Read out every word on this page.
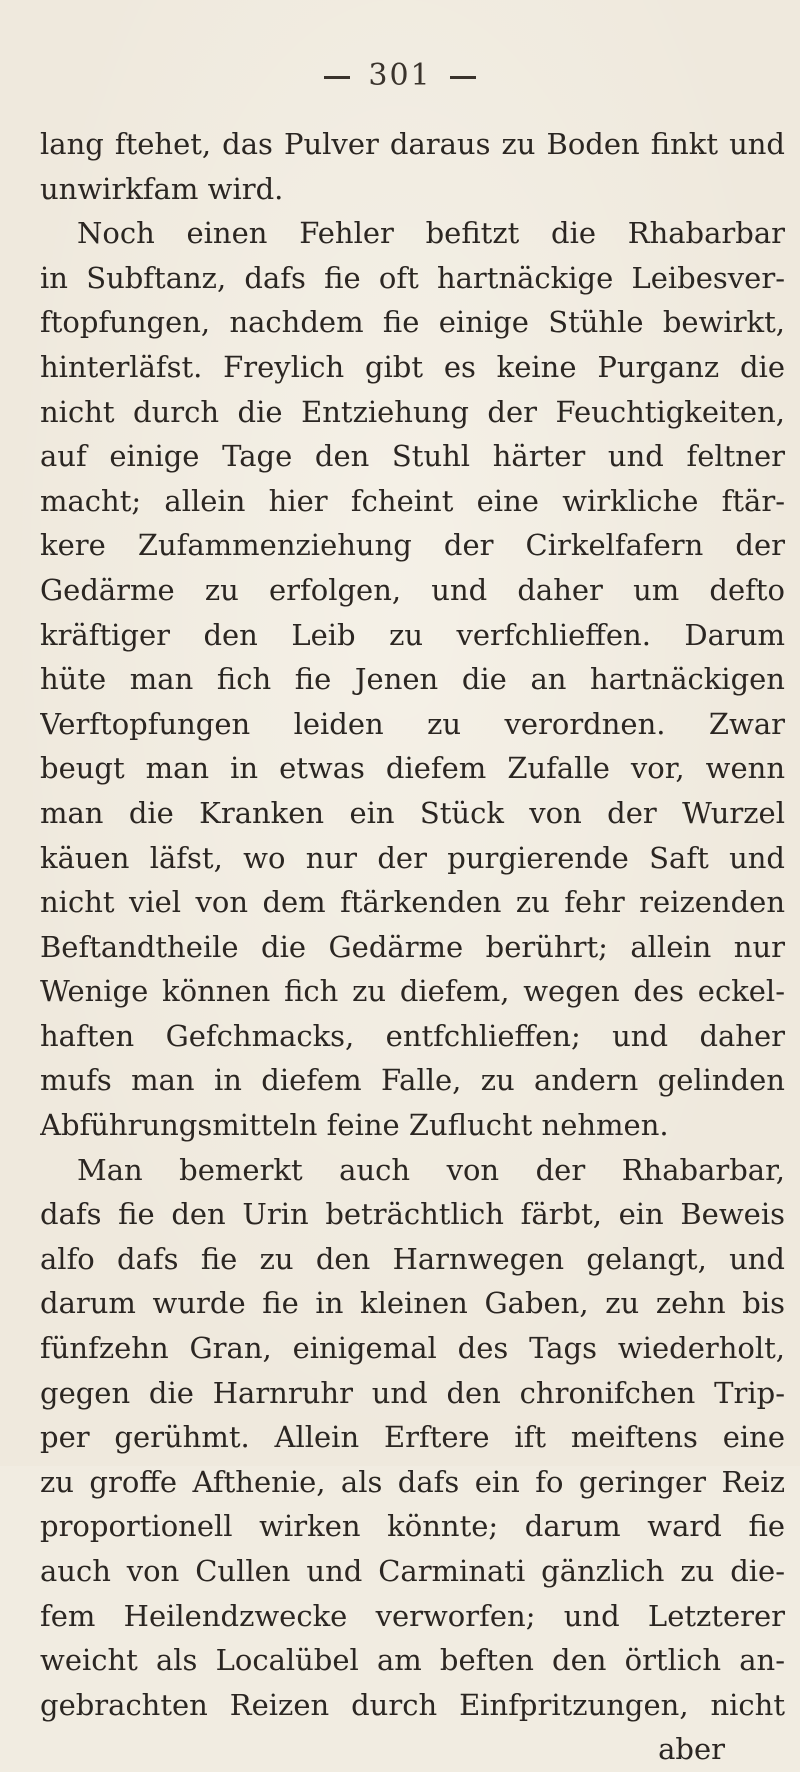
301
lang ftehet, das Pulver daraus zu Boden finkt und
unwirkfam wird.
Noch einen Fehler befitzt die Rhabarbar
in Subftanz, dafs fie oft hartnäckige Leibesver-
ftopfungen, nachdem fie einige Stühle bewirkt,
hinterläfst. Freylich gibt es keine Purganz die
nicht durch die Entziehung der Feuchtigkeiten,
auf einige Tage den Stuhl härter und feltner
macht; allein hier fcheint eine wirkliche ftär-
kere Zufammenziehung der Cirkelfafern der
Gedärme zu erfolgen, und daher um defto
kräftiger den Leib zu verfchlieffen. Darum
hüte man fich fie Jenen die an hartnäckigen
Verftopfungen leiden zu verordnen. Zwar
beugt man in etwas diefem Zufalle vor, wenn
man die Kranken ein Stück von der Wurzel
käuen läfst, wo nur der purgierende Saft und
nicht viel von dem ftärkenden zu fehr reizenden
Beftandtheile die Gedärme berührt; allein nur
Wenige können fich zu diefem, wegen des eckel-
haften Gefchmacks, entfchlieffen; und daher
mufs man in diefem Falle, zu andern gelinden
Abführungsmitteln feine Zuflucht nehmen.
Man bemerkt auch von der Rhabarbar,
dafs fie den Urin beträchtlich färbt, ein Beweis
alfo dafs fie zu den Harnwegen gelangt, und
darum wurde fie in kleinen Gaben, zu zehn bis
fünfzehn Gran, einigemal des Tags wiederholt,
gegen die Harnruhr und den chronifchen Trip-
per gerühmt. Allein Erftere ift meiftens eine
zu groffe Afthenie, als dafs ein fo geringer Reiz
proportionell wirken könnte; darum ward fie
auch von Cullen und Carminati gänzlich zu die-
fem Heilendzwecke verworfen; und Letzterer
weicht als Localübel am beften den örtlich an-
gebrachten Reizen durch Einfpritzungen, nicht
aber
